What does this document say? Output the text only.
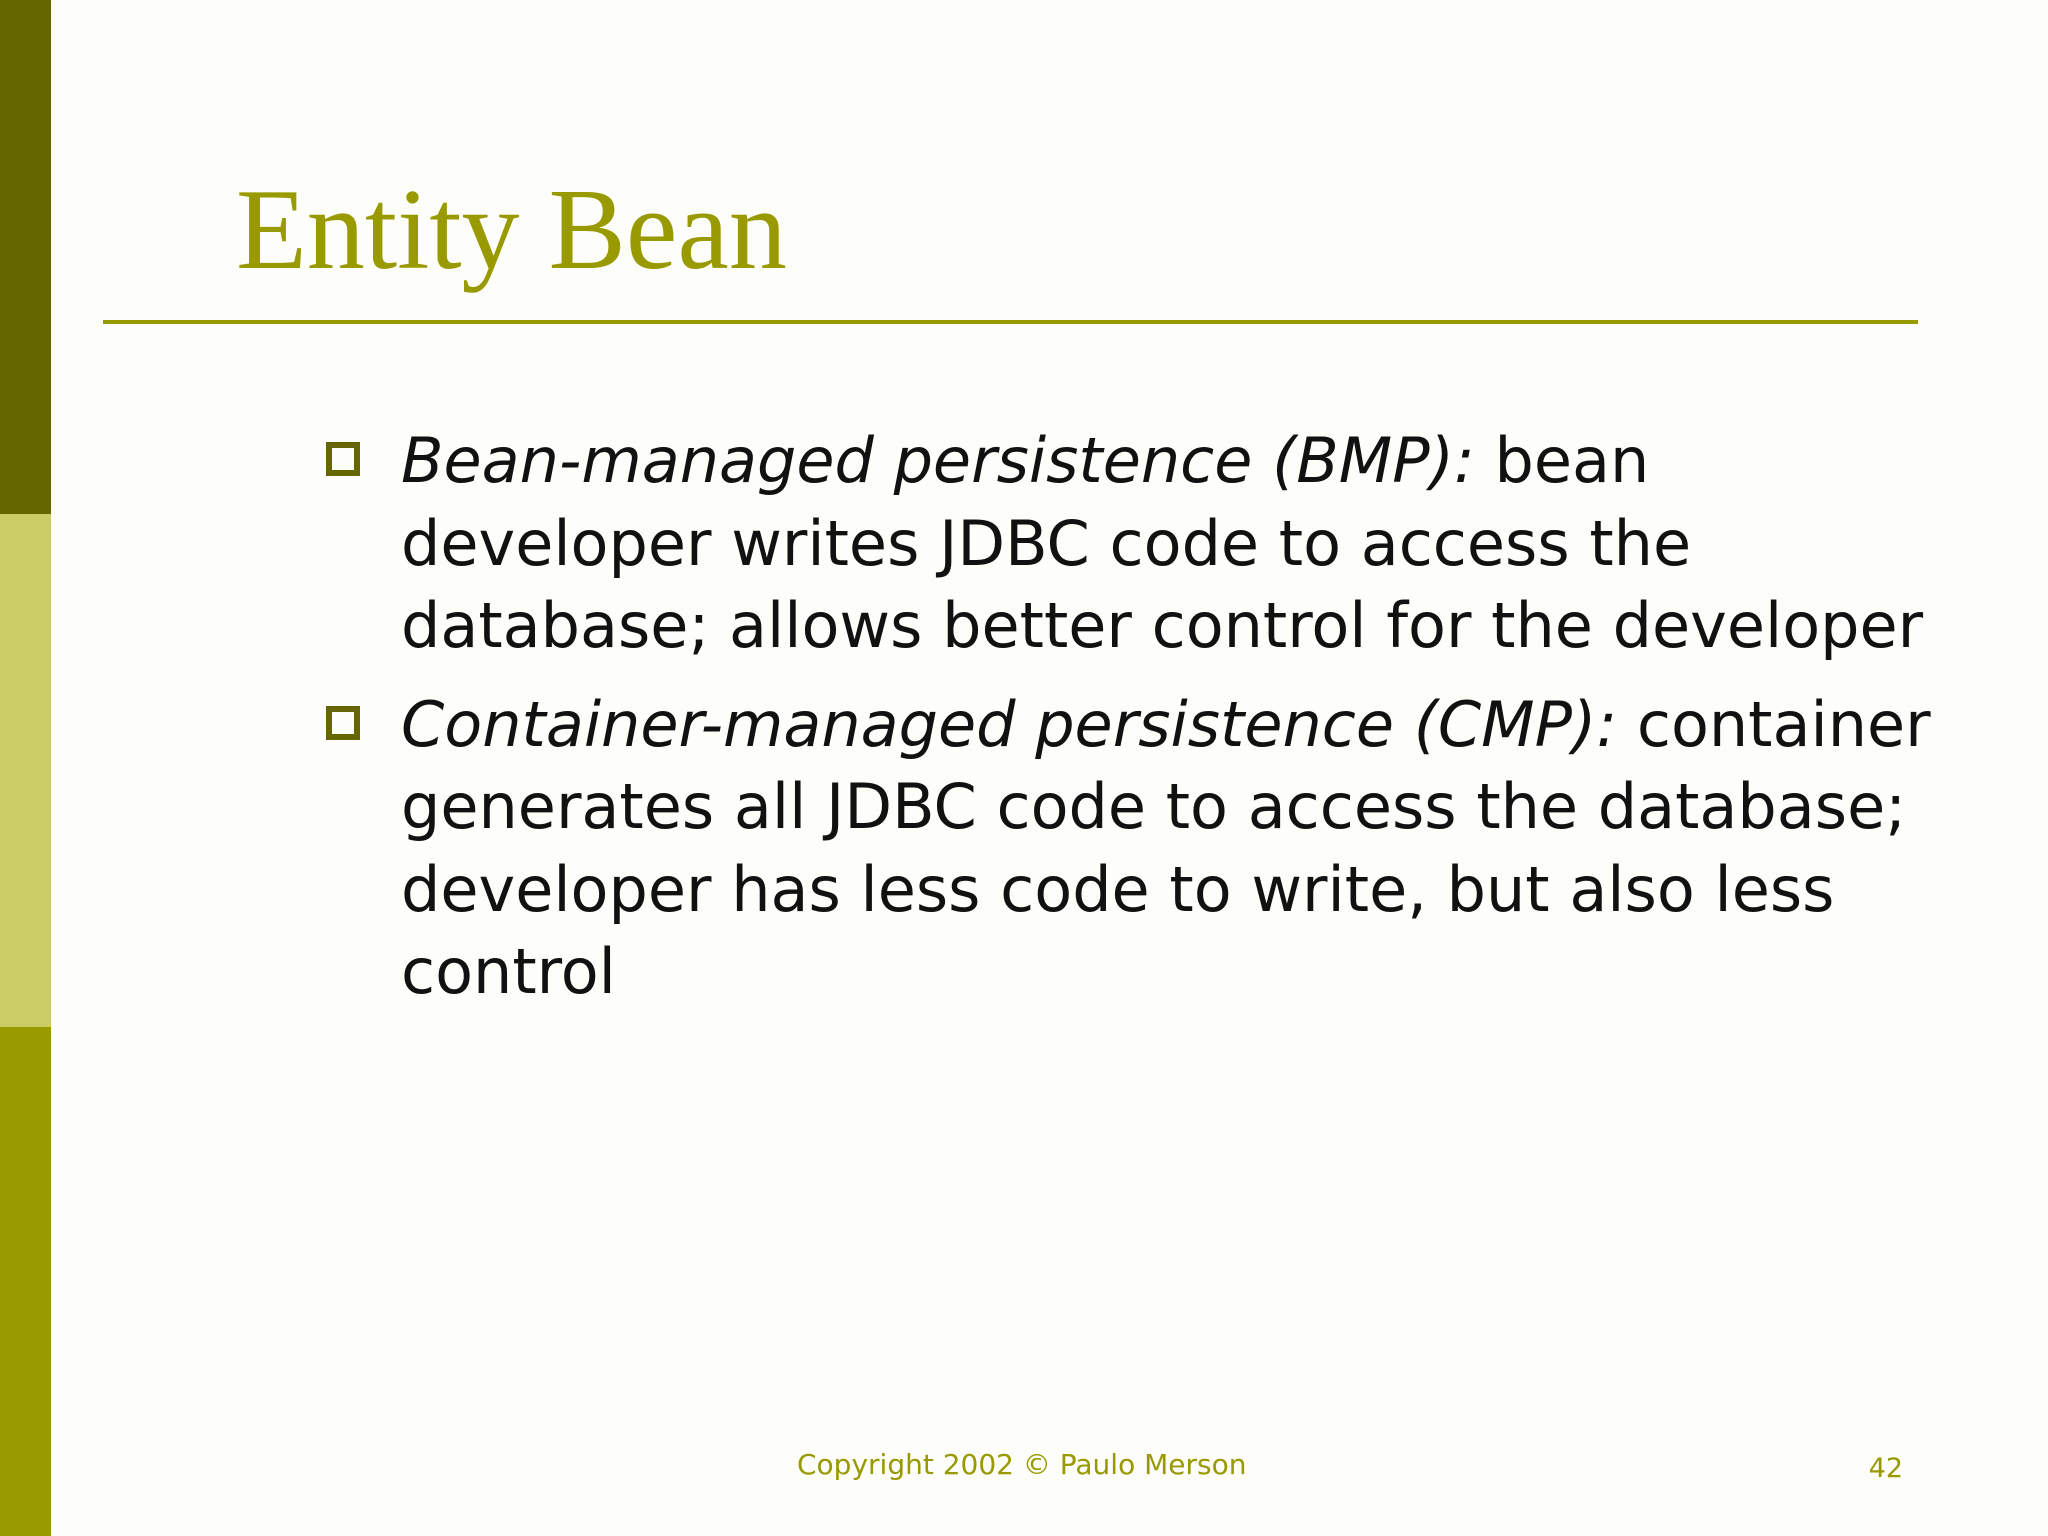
Entity Bean
Bean-managed persistence (BMP): bean developer writes JDBC code to access the database; allows better control for the developer
Container-managed persistence (CMP): container generates all JDBC code to access the database; developer has less code to write, but also less control
Copyright 2002 © Paulo Merson	42
